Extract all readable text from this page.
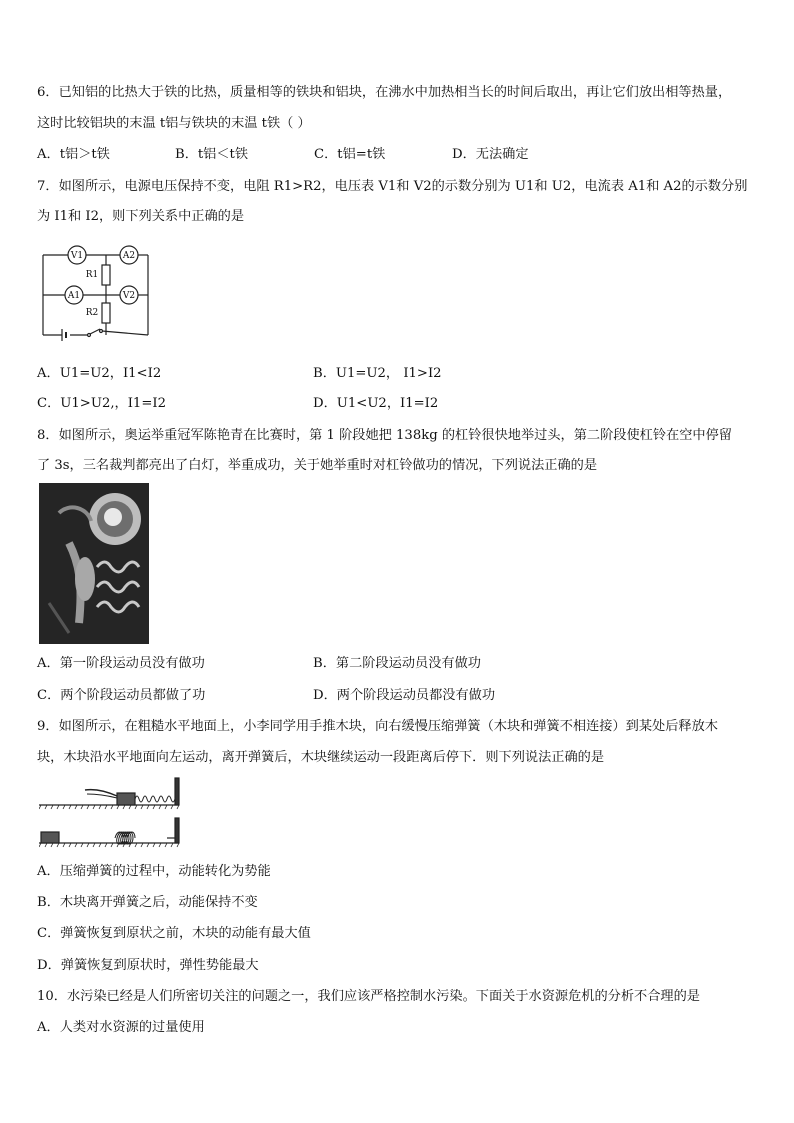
6．已知铝的比热大于铁的比热，质量相等的铁块和铝块，在沸水中加热相当长的时间后取出，再让它们放出相等热量，
这时比较铝块的末温 t铝与铁块的末温 t铁（ ）
A．t铝＞t铁	B．t铝＜t铁	C．t铝=t铁	D．无法确定
7．如图所示，电源电压保持不变，电阻 R1>R2，电压表 V1和 V2的示数分别为 U1和 U2，电流表 A1和 A2的示数分别
为 I1和 I2，则下列关系中正确的是
V1	A2
R1
A1	V2
R2
A．U1=U2，I1<I2	B．U1=U2， I1>I2
C．U1>U2,，I1=I2	D．U1<U2，I1=I2
8．如图所示，奥运举重冠军陈艳青在比赛时，第 1 阶段她把 138kg 的杠铃很快地举过头，第二阶段使杠铃在空中停留
了 3s，三名裁判都亮出了白灯，举重成功，关于她举重时对杠铃做功的情况，下列说法正确的是
A．第一阶段运动员没有做功	B．第二阶段运动员没有做功
C．两个阶段运动员都做了功	D．两个阶段运动员都没有做功
9．如图所示，在粗糙水平地面上，小李同学用手推木块，向右缓慢压缩弹簧（木块和弹簧不相连接）到某处后释放木
块，木块沿水平地面向左运动，离开弹簧后，木块继续运动一段距离后停下．则下列说法正确的是
A．压缩弹簧的过程中，动能转化为势能
B．木块离开弹簧之后，动能保持不变
C．弹簧恢复到原状之前，木块的动能有最大值
D．弹簧恢复到原状时，弹性势能最大
10．水污染已经是人们所密切关注的问题之一，我们应该严格控制水污染。下面关于水资源危机的分析不合理的是
A．人类对水资源的过量使用
